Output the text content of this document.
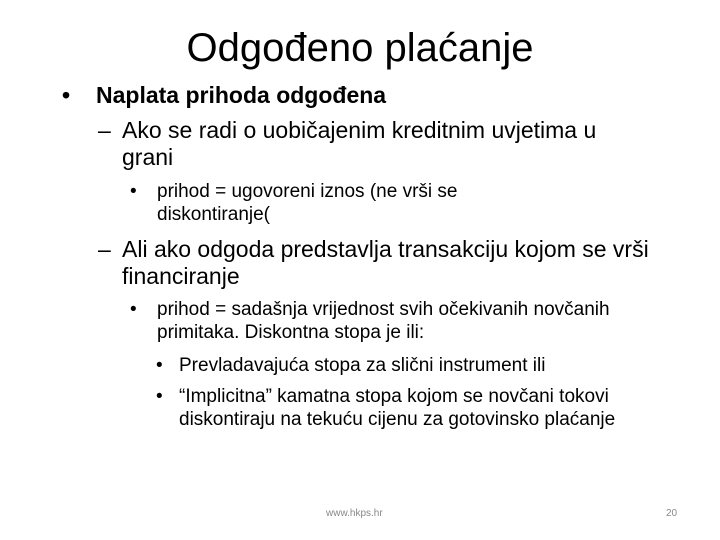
Odgođeno plaćanje
•	Naplata prihoda odgođena
– Ako se radi o uobičajenim kreditnim uvjetima u grani
•	prihod = ugovoreni iznos (ne vrši se diskontiranje(
– Ali ako odgoda predstavlja transakciju kojom se vrši financiranje
•	prihod = sadašnja vrijednost svih očekivanih novčanih primitaka. Diskontna stopa je ili:
• Prevladavajuća stopa za slični instrument ili
• “Implicitna” kamatna stopa kojom se novčani tokovi diskontiraju na tekuću cijenu za gotovinsko plaćanje
www.hkps.hr	20
